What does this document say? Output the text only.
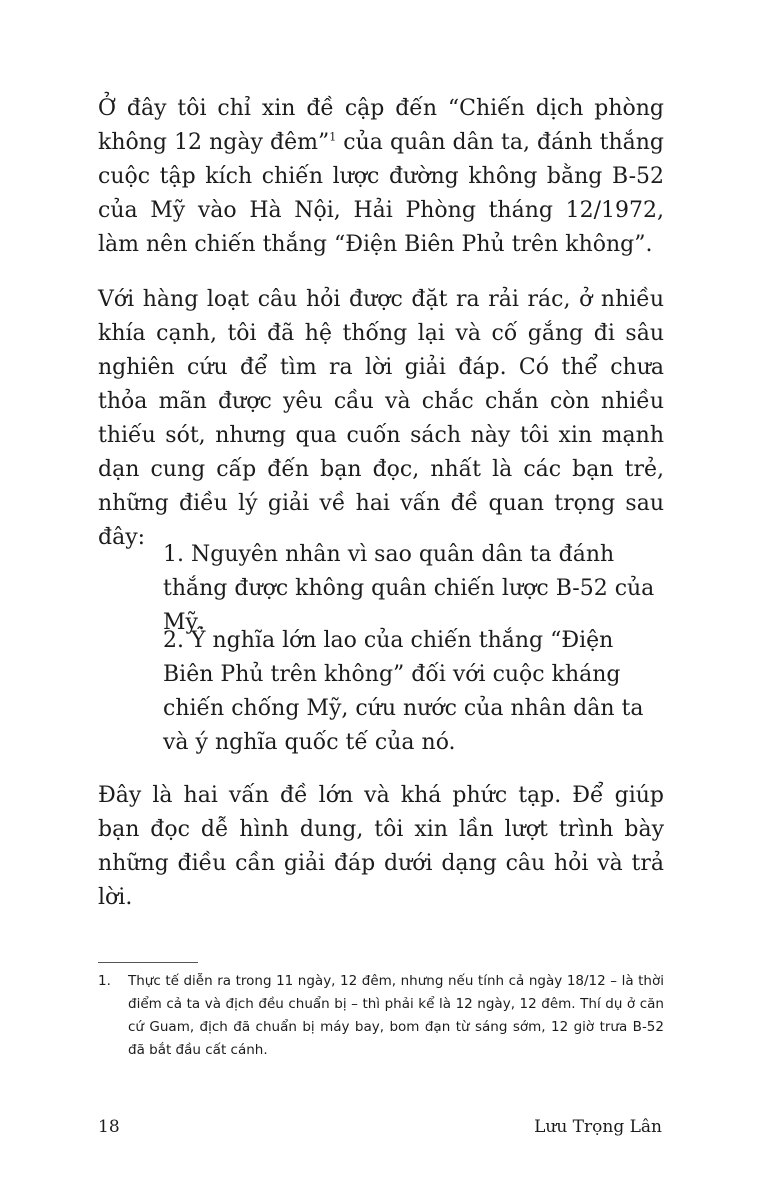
Ở đây tôi chỉ xin đề cập đến “Chiến dịch phòng không 12 ngày đêm”$^1$ của quân dân ta, đánh thắng cuộc tập kích chiến lược đường không bằng B-52 của Mỹ vào Hà Nội, Hải Phòng tháng 12/1972, làm nên chiến thắng “Điện Biên Phủ trên không”.

Với hàng loạt câu hỏi được đặt ra rải rác, ở nhiều khía cạnh, tôi đã hệ thống lại và cố gắng đi sâu nghiên cứu để tìm ra lời giải đáp. Có thể chưa thỏa mãn được yêu cầu và chắc chắn còn nhiều thiếu sót, nhưng qua cuốn sách này tôi xin mạnh dạn cung cấp đến bạn đọc, nhất là các bạn trẻ, những điều lý giải về hai vấn đề quan trọng sau đây:

1. Nguyên nhân vì sao quân dân ta đánh thắng được không quân chiến lược B-52 của Mỹ.

2. Ý nghĩa lớn lao của chiến thắng “Điện Biên Phủ trên không” đối với cuộc kháng chiến chống Mỹ, cứu nước của nhân dân ta và ý nghĩa quốc tế của nó.

Đây là hai vấn đề lớn và khá phức tạp. Để giúp bạn đọc dễ hình dung, tôi xin lần lượt trình bày những điều cần giải đáp dưới dạng câu hỏi và trả lời.

1.	Thực tế diễn ra trong 11 ngày, 12 đêm, nhưng nếu tính cả ngày 18/12 – là thời điểm cả ta và địch đều chuẩn bị – thì phải kể là 12 ngày, 12 đêm. Thí dụ ở căn cứ Guam, địch đã chuẩn bị máy bay, bom đạn từ sáng sớm, 12 giờ trưa B-52 đã bắt đầu cất cánh.
18	Lưu Trọng Lân
